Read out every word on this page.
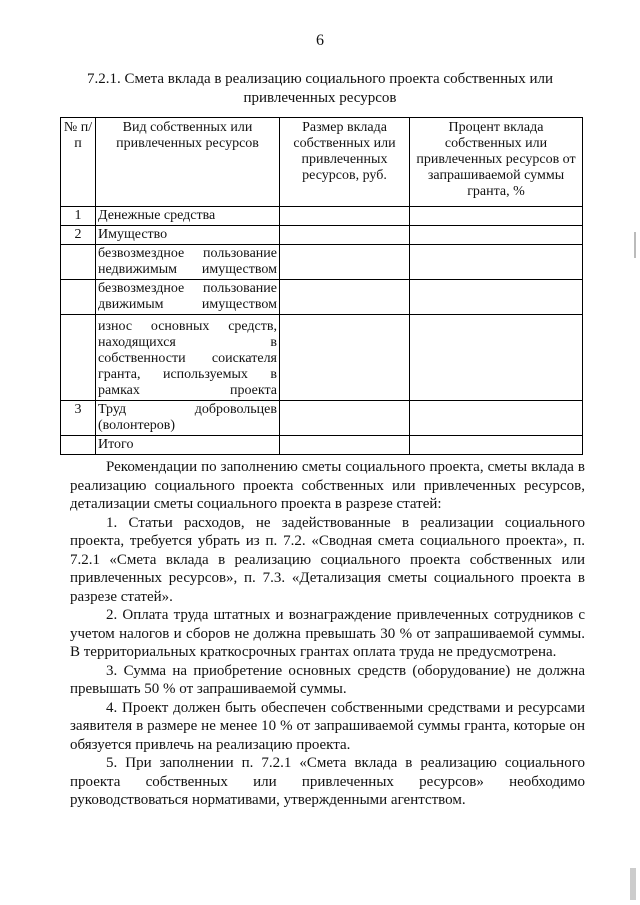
6
7.2.1. Смета вклада в реализацию социального проекта собственных или привлеченных ресурсов
№ п/п	Вид собственных или привлеченных ресурсов	Размер вклада собственных или привлеченных ресурсов, руб.	Процент вклада собственных или привлеченных ресурсов от запрашиваемой суммы гранта, %
1	Денежные средства		
2	Имущество		
	безвозмездное пользование недвижимым имуществом		
	безвозмездное пользование движимым имуществом		
	износ основных средств, находящихся в собственности соискателя гранта, используемых в рамках проекта		
3	Труд добровольцев (волонтеров)		
	Итого		

Рекомендации по заполнению сметы социального проекта, сметы вклада в реализацию социального проекта собственных или привлеченных ресурсов, детализации сметы социального проекта в разрезе статей:

1. Статьи расходов, не задействованные в реализации социального проекта, требуется убрать из п. 7.2. «Сводная смета социального проекта», п. 7.2.1 «Смета вклада в реализацию социального проекта собственных или привлеченных ресурсов», п. 7.3. «Детализация сметы социального проекта в разрезе статей».

2. Оплата труда штатных и вознаграждение привлеченных сотрудников с учетом налогов и сборов не должна превышать 30 % от запрашиваемой суммы. В территориальных краткосрочных грантах оплата труда не предусмотрена.

3. Сумма на приобретение основных средств (оборудование) не должна превышать 50 % от запрашиваемой суммы.

4. Проект должен быть обеспечен собственными средствами и ресурсами заявителя в размере не менее 10 % от запрашиваемой суммы гранта, которые он обязуется привлечь на реализацию проекта.

5. При заполнении п. 7.2.1 «Смета вклада в реализацию социального проекта собственных или привлеченных ресурсов» необходимо руководствоваться нормативами, утвержденными агентством.
